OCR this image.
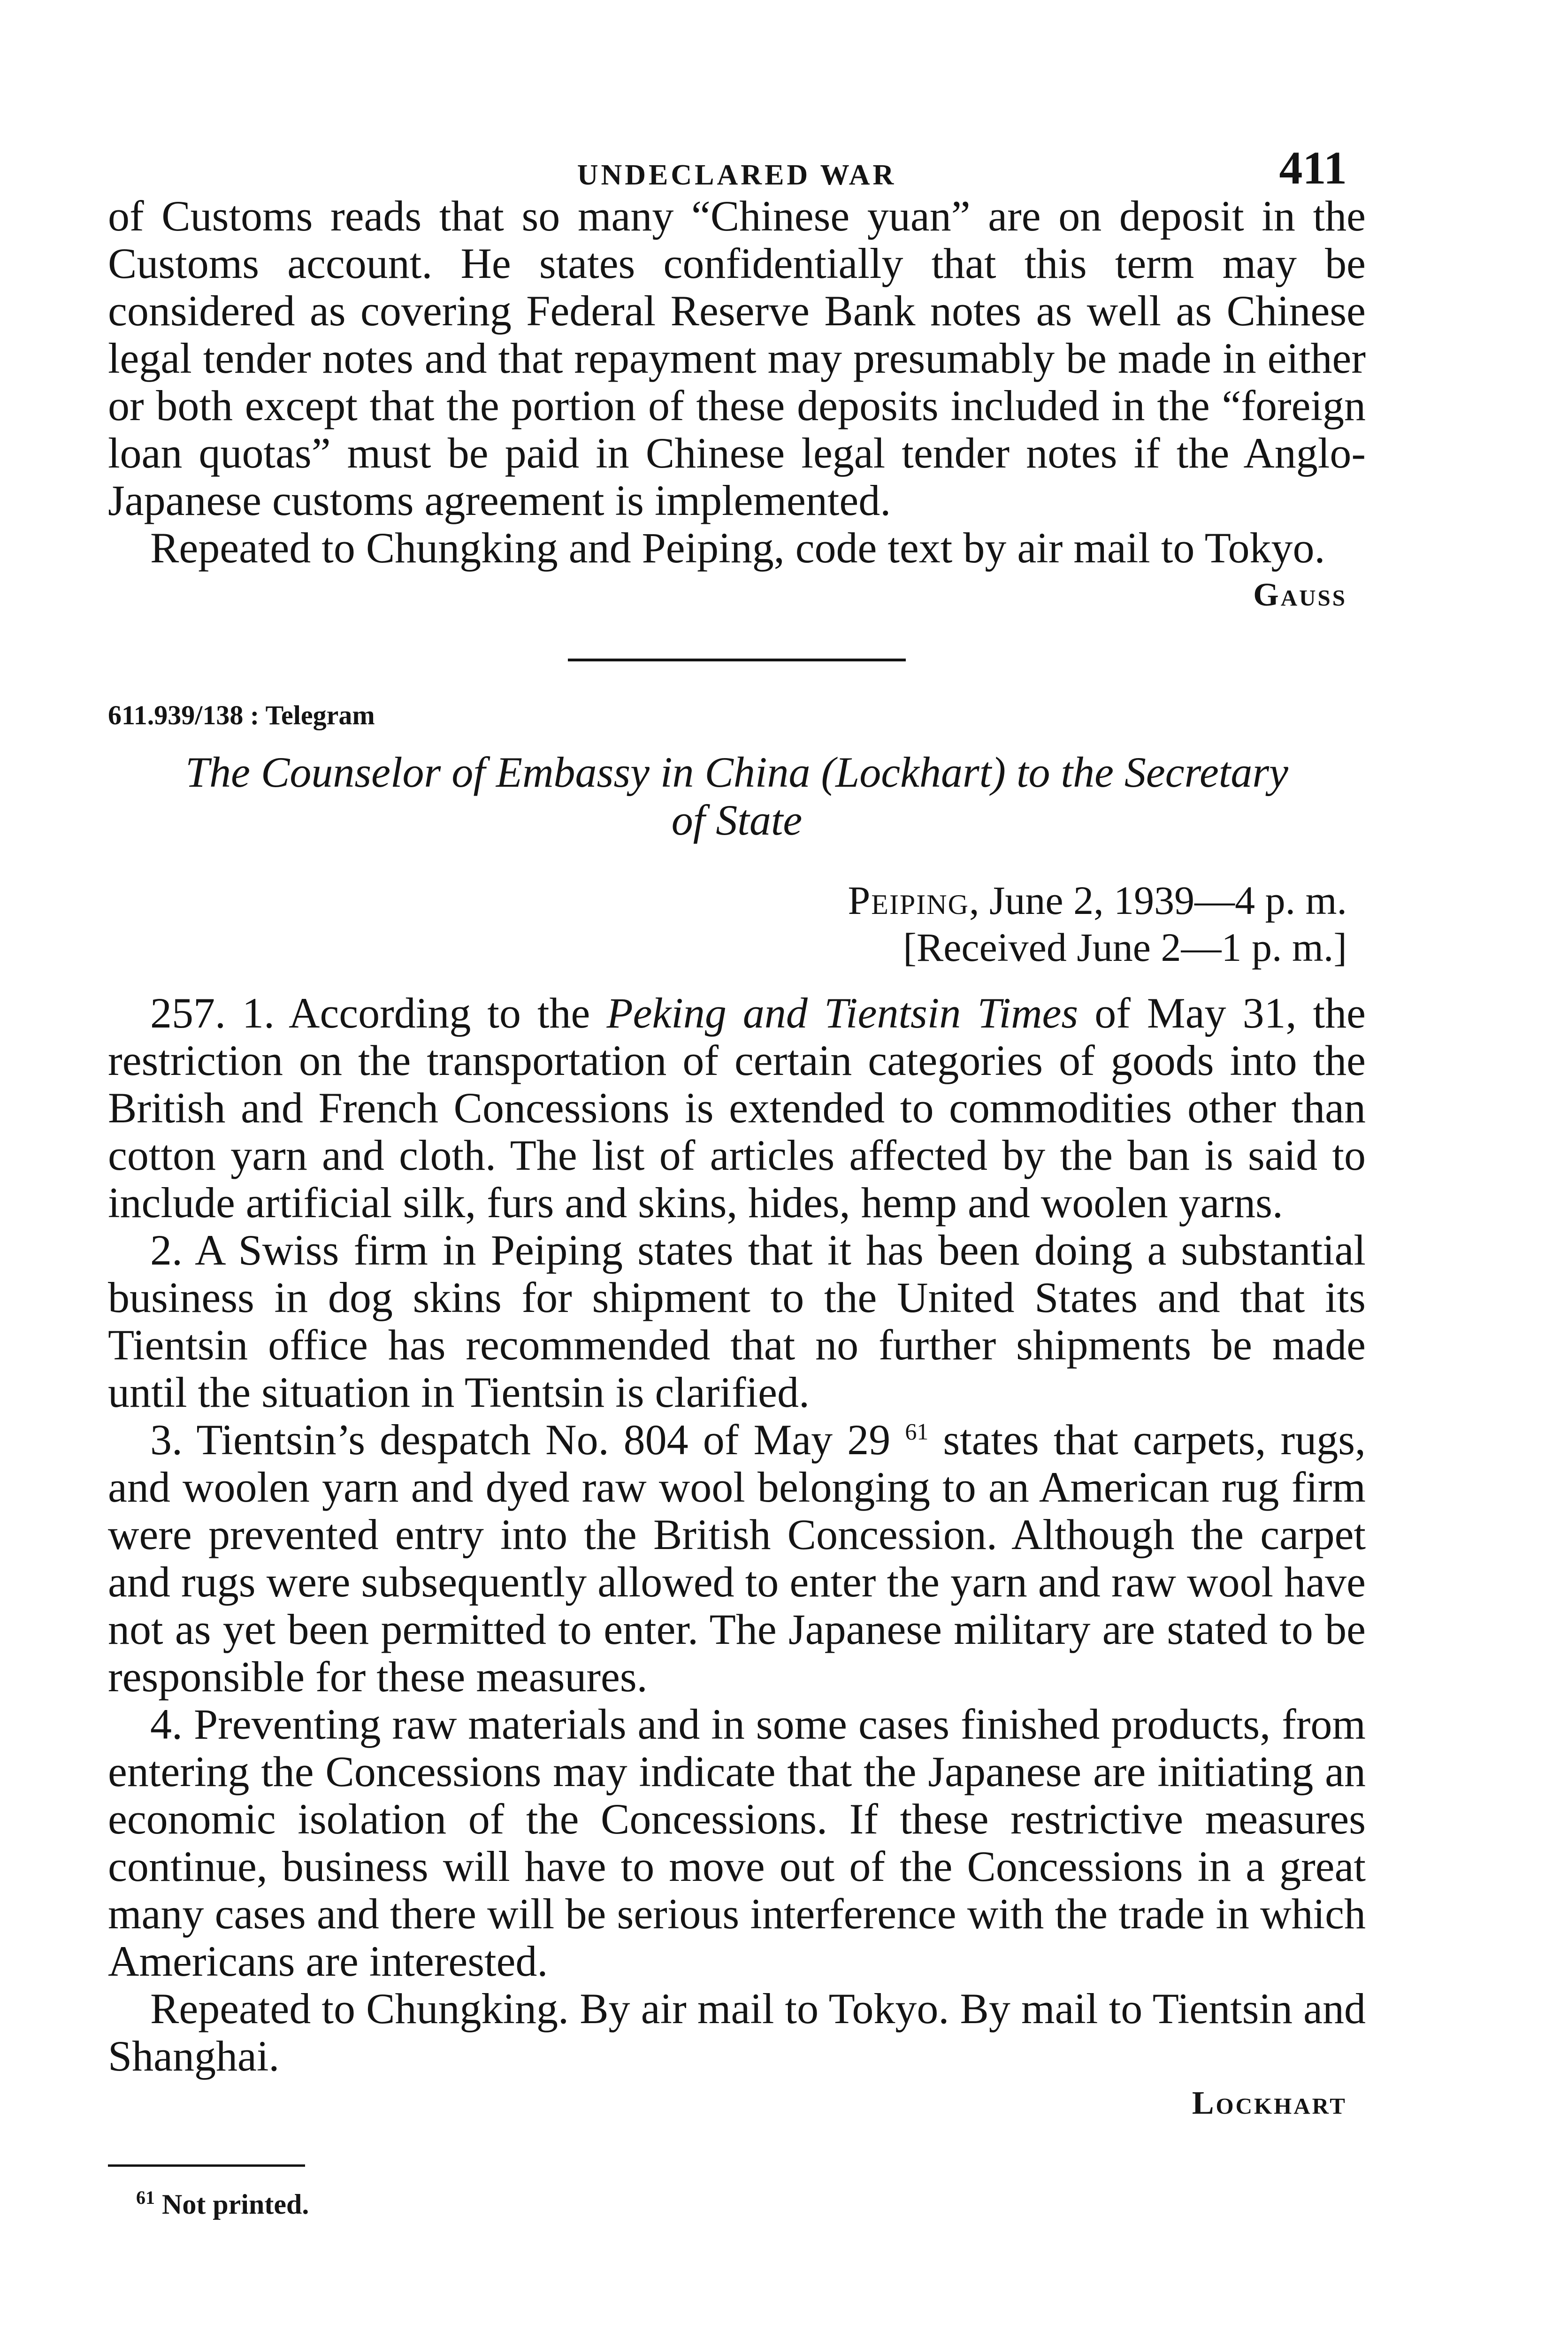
UNDECLARED WAR	411

of Customs reads that so many “Chinese yuan” are on deposit in the Customs account. He states confidentially that this term may be considered as covering Federal Reserve Bank notes as well as Chinese legal tender notes and that repayment may presumably be made in either or both except that the portion of these deposits included in the “foreign loan quotas” must be paid in Chinese legal tender notes if the Anglo-Japanese customs agreement is implemented.

Repeated to Chungking and Peiping, code text by air mail to Tokyo.

Gauss
611.939/138 : Telegram
The Counselor of Embassy in China (Lockhart) to the Secretary
of State
Peiping, June 2, 1939—4 p. m.
[Received June 2—1 p. m.]

257. 1. According to the Peking and Tientsin Times of May 31, the restriction on the transportation of certain categories of goods into the British and French Concessions is extended to commodities other than cotton yarn and cloth. The list of articles affected by the ban is said to include artificial silk, furs and skins, hides, hemp and woolen yarns.

2. A Swiss firm in Peiping states that it has been doing a substantial business in dog skins for shipment to the United States and that its Tientsin office has recommended that no further shipments be made until the situation in Tientsin is clarified.

3. Tientsin’s despatch No. 804 of May 29 $^{61}$ states that carpets, rugs, and woolen yarn and dyed raw wool belonging to an American rug firm were prevented entry into the British Concession. Although the carpet and rugs were subsequently allowed to enter the yarn and raw wool have not as yet been permitted to enter. The Japanese military are stated to be responsible for these measures.

4. Preventing raw materials and in some cases finished products, from entering the Concessions may indicate that the Japanese are initiating an economic isolation of the Concessions. If these restrictive measures continue, business will have to move out of the Concessions in a great many cases and there will be serious interference with the trade in which Americans are interested.

Repeated to Chungking. By air mail to Tokyo. By mail to Tientsin and Shanghai.

Lockhart
$^{61}$ Not printed.
